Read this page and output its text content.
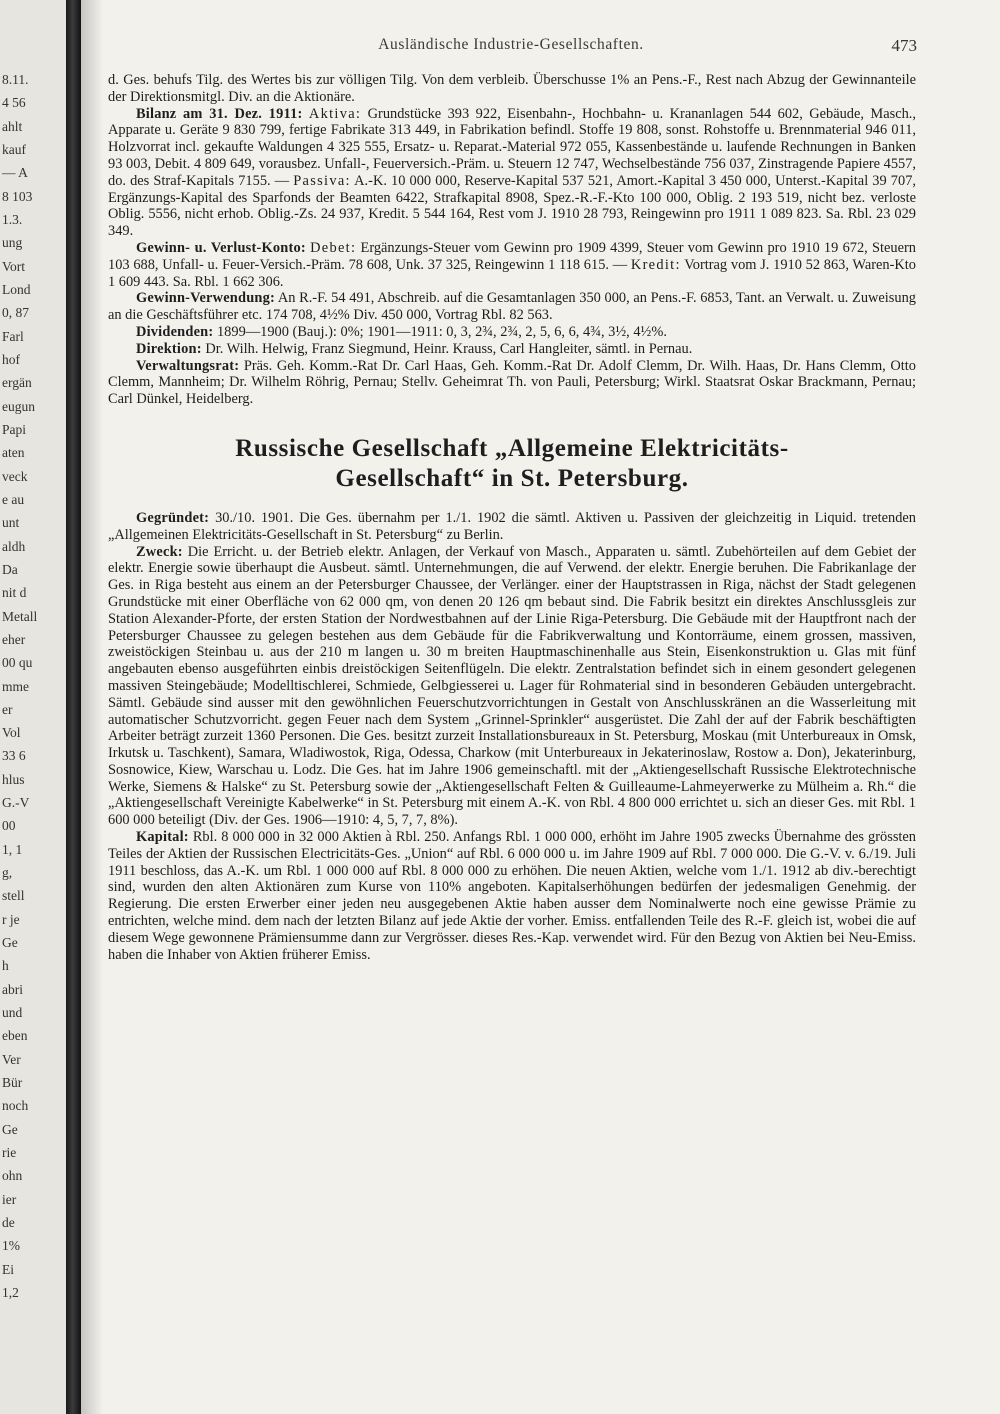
8.11.
4 56
ahlt
kauf
— A
8 103
1.3.
ung
Vort
Lond
0, 87
Farl
hof
ergän
eugun
Papi
aten
veck
e au
unt
aldh
Da
nit d
Metall
eher
00 qu
mme
er
Vol
33 6
hlus
G.-V
00
1, 1
g,
stell
r je
Ge
h
abri
und
eben
Ver
Bür
noch
Ge
rie
ohn
ier
de
1%
Ei
1,2
Ausländische Industrie-Gesellschaften.	473

d. Ges. behufs Tilg. des Wertes bis zur völligen Tilg. Von dem verbleib. Überschusse 1% an Pens.-F., Rest nach Abzug der Gewinnanteile der Direktionsmitgl. Div. an die Aktionäre.

Bilanz am 31. Dez. 1911: Aktiva: Grundstücke 393 922, Eisenbahn-, Hochbahn- u. Krananlagen 544 602, Gebäude, Masch., Apparate u. Geräte 9 830 799, fertige Fabrikate 313 449, in Fabrikation befindl. Stoffe 19 808, sonst. Rohstoffe u. Brennmaterial 946 011, Holzvorrat incl. gekaufte Waldungen 4 325 555, Ersatz- u. Reparat.-Material 972 055, Kassenbestände u. laufende Rechnungen in Banken 93 003, Debit. 4 809 649, vorausbez. Unfall-, Feuerversich.-Präm. u. Steuern 12 747, Wechselbestände 756 037, Zinstragende Papiere 4557, do. des Straf-Kapitals 7155. — Passiva: A.-K. 10 000 000, Reserve-Kapital 537 521, Amort.-Kapital 3 450 000, Unterst.-Kapital 39 707, Ergänzungs-Kapital des Sparfonds der Beamten 6422, Strafkapital 8908, Spez.-R.-F.-Kto 100 000, Oblig. 2 193 519, nicht bez. verloste Oblig. 5556, nicht erhob. Oblig.-Zs. 24 937, Kredit. 5 544 164, Rest vom J. 1910 28 793, Reingewinn pro 1911 1 089 823. Sa. Rbl. 23 029 349.

Gewinn- u. Verlust-Konto: Debet: Ergänzungs-Steuer vom Gewinn pro 1909 4399, Steuer vom Gewinn pro 1910 19 672, Steuern 103 688, Unfall- u. Feuer-Versich.-Präm. 78 608, Unk. 37 325, Reingewinn 1 118 615. — Kredit: Vortrag vom J. 1910 52 863, Waren-Kto 1 609 443. Sa. Rbl. 1 662 306.

Gewinn-Verwendung: An R.-F. 54 491, Abschreib. auf die Gesamtanlagen 350 000, an Pens.-F. 6853, Tant. an Verwalt. u. Zuweisung an die Geschäftsführer etc. 174 708, 4½% Div. 450 000, Vortrag Rbl. 82 563.

Dividenden: 1899—1900 (Bauj.): 0%; 1901—1911: 0, 3, 2¾, 2¾, 2, 5, 6, 6, 4¾, 3½, 4½%.

Direktion: Dr. Wilh. Helwig, Franz Siegmund, Heinr. Krauss, Carl Hangleiter, sämtl. in Pernau.

Verwaltungsrat: Präs. Geh. Komm.-Rat Dr. Carl Haas, Geh. Komm.-Rat Dr. Adolf Clemm, Dr. Wilh. Haas, Dr. Hans Clemm, Otto Clemm, Mannheim; Dr. Wilhelm Röhrig, Pernau; Stellv. Geheimrat Th. von Pauli, Petersburg; Wirkl. Staatsrat Oskar Brackmann, Pernau; Carl Dünkel, Heidelberg.

Russische Gesellschaft „Allgemeine Elektricitäts-
Gesellschaft“ in St. Petersburg.

Gegründet: 30./10. 1901. Die Ges. übernahm per 1./1. 1902 die sämtl. Aktiven u. Passiven der gleichzeitig in Liquid. tretenden „Allgemeinen Elektricitäts-Gesellschaft in St. Petersburg“ zu Berlin.

Zweck: Die Erricht. u. der Betrieb elektr. Anlagen, der Verkauf von Masch., Apparaten u. sämtl. Zubehörteilen auf dem Gebiet der elektr. Energie sowie überhaupt die Ausbeut. sämtl. Unternehmungen, die auf Verwend. der elektr. Energie beruhen. Die Fabrikanlage der Ges. in Riga besteht aus einem an der Petersburger Chaussee, der Verlänger. einer der Hauptstrassen in Riga, nächst der Stadt gelegenen Grundstücke mit einer Oberfläche von 62 000 qm, von denen 20 126 qm bebaut sind. Die Fabrik besitzt ein direktes Anschlussgleis zur Station Alexander-Pforte, der ersten Station der Nordwestbahnen auf der Linie Riga-Petersburg. Die Gebäude mit der Hauptfront nach der Petersburger Chaussee zu gelegen bestehen aus dem Gebäude für die Fabrikverwaltung und Kontorräume, einem grossen, massiven, zweistöckigen Steinbau u. aus der 210 m langen u. 30 m breiten Hauptmaschinenhalle aus Stein, Eisenkonstruktion u. Glas mit fünf angebauten ebenso ausgeführten einbis dreistöckigen Seitenflügeln. Die elektr. Zentralstation befindet sich in einem gesondert gelegenen massiven Steingebäude; Modelltischlerei, Schmiede, Gelbgiesserei u. Lager für Rohmaterial sind in besonderen Gebäuden untergebracht. Sämtl. Gebäude sind ausser mit den gewöhnlichen Feuerschutzvorrichtungen in Gestalt von Anschlusskränen an die Wasserleitung mit automatischer Schutzvorricht. gegen Feuer nach dem System „Grinnel-Sprinkler“ ausgerüstet. Die Zahl der auf der Fabrik beschäftigten Arbeiter beträgt zurzeit 1360 Personen. Die Ges. besitzt zurzeit Installationsbureaux in St. Petersburg, Moskau (mit Unterbureaux in Omsk, Irkutsk u. Taschkent), Samara, Wladiwostok, Riga, Odessa, Charkow (mit Unterbureaux in Jekaterinoslaw, Rostow a. Don), Jekaterinburg, Sosnowice, Kiew, Warschau u. Lodz. Die Ges. hat im Jahre 1906 gemeinschaftl. mit der „Aktiengesellschaft Russische Elektrotechnische Werke, Siemens & Halske“ zu St. Petersburg sowie der „Aktiengesellschaft Felten & Guilleaume-Lahmeyerwerke zu Mülheim a. Rh.“ die „Aktiengesellschaft Vereinigte Kabelwerke“ in St. Petersburg mit einem A.-K. von Rbl. 4 800 000 errichtet u. sich an dieser Ges. mit Rbl. 1 600 000 beteiligt (Div. der Ges. 1906—1910: 4, 5, 7, 7, 8%).

Kapital: Rbl. 8 000 000 in 32 000 Aktien à Rbl. 250. Anfangs Rbl. 1 000 000, erhöht im Jahre 1905 zwecks Übernahme des grössten Teiles der Aktien der Russischen Electricitäts-Ges. „Union“ auf Rbl. 6 000 000 u. im Jahre 1909 auf Rbl. 7 000 000. Die G.-V. v. 6./19. Juli 1911 beschloss, das A.-K. um Rbl. 1 000 000 auf Rbl. 8 000 000 zu erhöhen. Die neuen Aktien, welche vom 1./1. 1912 ab div.-berechtigt sind, wurden den alten Aktionären zum Kurse von 110% angeboten. Kapitalserhöhungen bedürfen der jedesmaligen Genehmig. der Regierung. Die ersten Erwerber einer jeden neu ausgegebenen Aktie haben ausser dem Nominalwerte noch eine gewisse Prämie zu entrichten, welche mind. dem nach der letzten Bilanz auf jede Aktie der vorher. Emiss. entfallenden Teile des R.-F. gleich ist, wobei die auf diesem Wege gewonnene Prämiensumme dann zur Vergrösser. dieses Res.-Kap. verwendet wird. Für den Bezug von Aktien bei Neu-Emiss. haben die Inhaber von Aktien früherer Emiss.
